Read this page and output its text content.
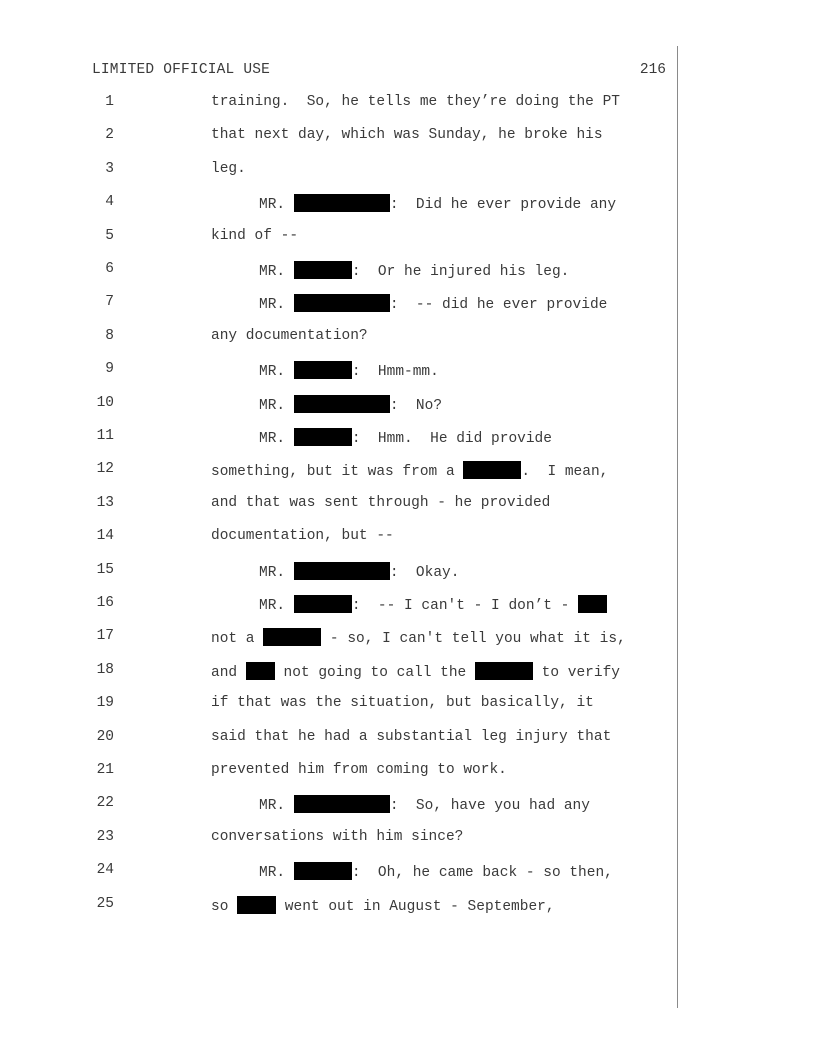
LIMITED OFFICIAL USE	216
1	training.  So, he tells me they’re doing the PT
2	that next day, which was Sunday, he broke his
3	leg.
4	MR.	:  Did he ever provide any
5	kind of --
6	MR.	:  Or he injured his leg.
7	MR.	:  -- did he ever provide
8	any documentation?
9	MR.	:  Hmm-mm.
10	MR.	:  No?
11	MR.	:  Hmm.  He did provide
12	something, but it was from a	.  I mean,
13	and that was sent through - he provided
14	documentation, but --
15	MR.	:  Okay.
16	MR.	:  -- I can't - I don’t -
17	not a	- so, I can't tell you what it is,
18	and  not going to call the	to verify
19	if that was the situation, but basically, it
20	said that he had a substantial leg injury that
21	prevented him from coming to work.
22	MR.	:  So, have you had any
23	conversations with him since?
24	MR.	:  Oh, he came back - so then,
25	so	went out in August - September,
